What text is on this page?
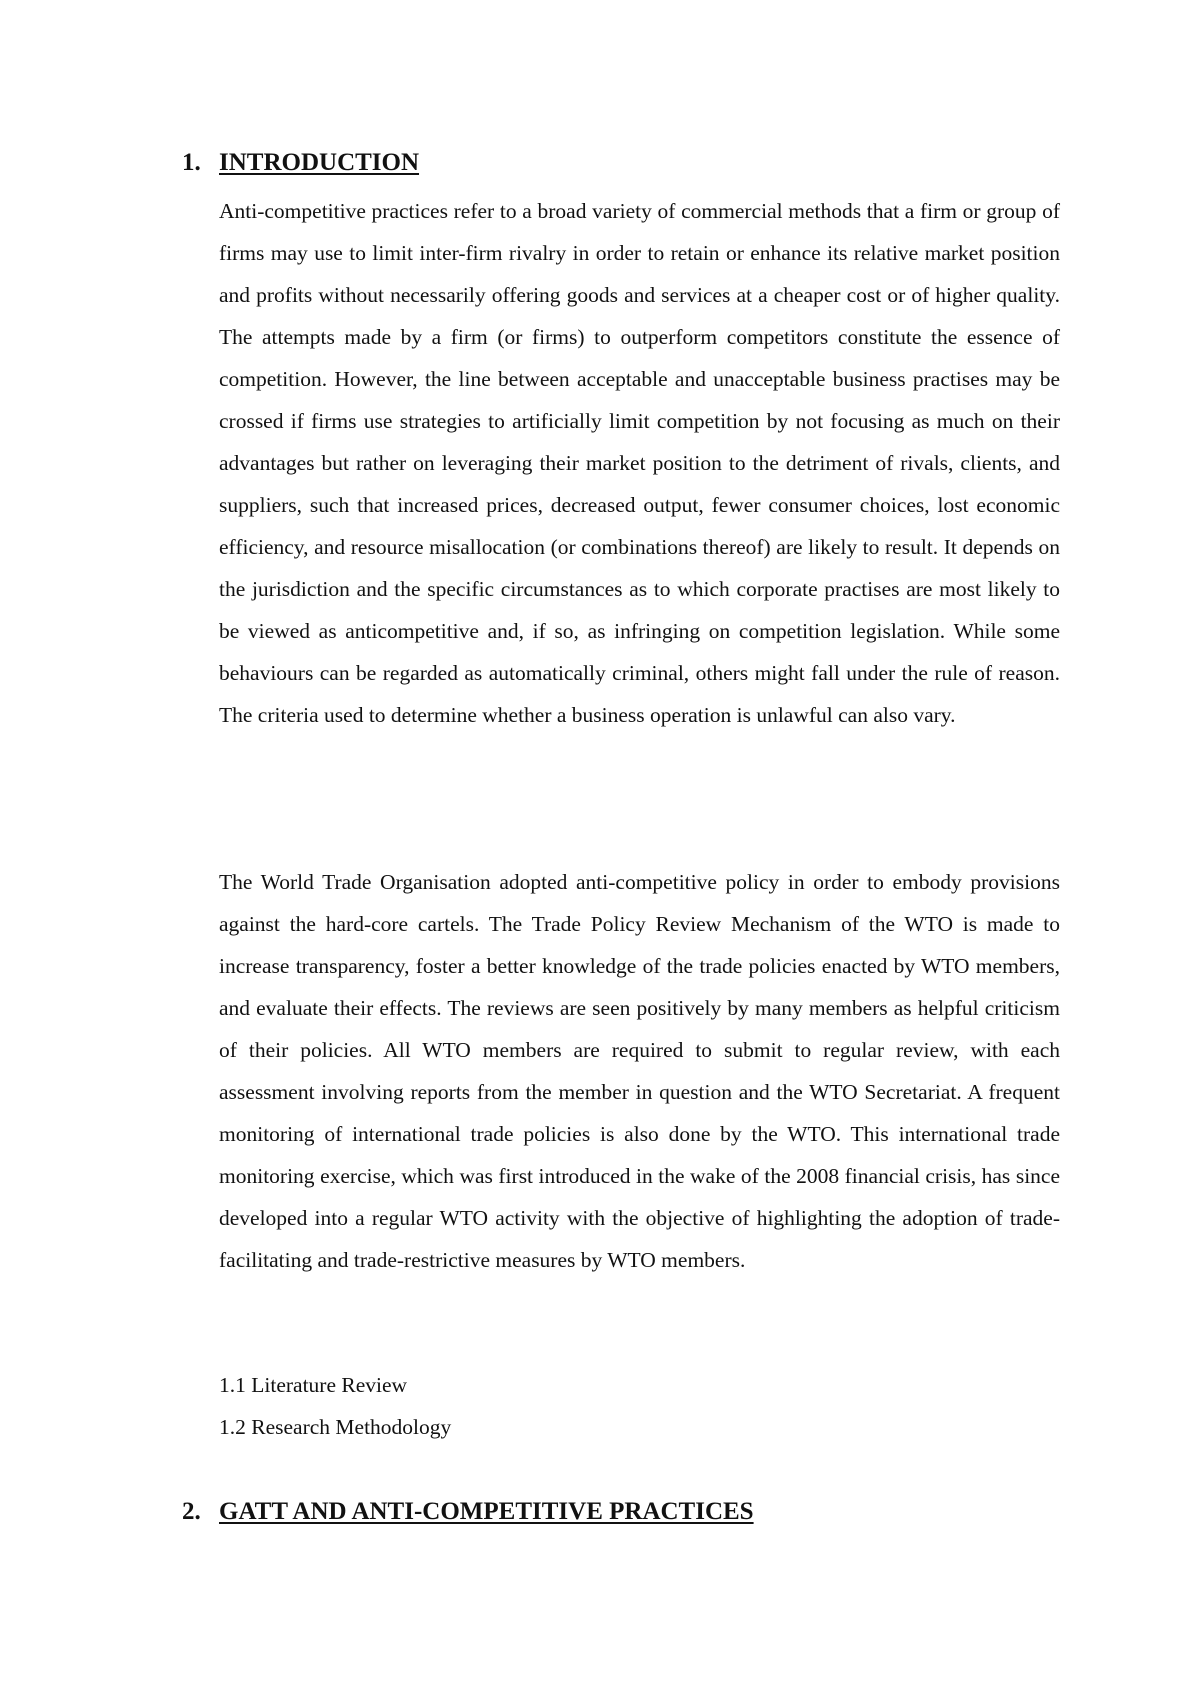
1. INTRODUCTION

Anti-competitive practices refer to a broad variety of commercial methods that a firm or group of firms may use to limit inter-firm rivalry in order to retain or enhance its relative market position and profits without necessarily offering goods and services at a cheaper cost or of higher quality. The attempts made by a firm (or firms) to outperform competitors constitute the essence of competition. However, the line between acceptable and unacceptable business practises may be crossed if firms use strategies to artificially limit competition by not focusing as much on their advantages but rather on leveraging their market position to the detriment of rivals, clients, and suppliers, such that increased prices, decreased output, fewer consumer choices, lost economic efficiency, and resource misallocation (or combinations thereof) are likely to result. It depends on the jurisdiction and the specific circumstances as to which corporate practises are most likely to be viewed as anticompetitive and, if so, as infringing on competition legislation. While some behaviours can be regarded as automatically criminal, others might fall under the rule of reason. The criteria used to determine whether a business operation is unlawful can also vary.

The World Trade Organisation adopted anti-competitive policy in order to embody provisions against the hard-core cartels. The Trade Policy Review Mechanism of the WTO is made to increase transparency, foster a better knowledge of the trade policies enacted by WTO members, and evaluate their effects. The reviews are seen positively by many members as helpful criticism of their policies. All WTO members are required to submit to regular review, with each assessment involving reports from the member in question and the WTO Secretariat. A frequent monitoring of international trade policies is also done by the WTO. This international trade monitoring exercise, which was first introduced in the wake of the 2008 financial crisis, has since developed into a regular WTO activity with the objective of highlighting the adoption of trade-facilitating and trade-restrictive measures by WTO members.

1.1 Literature Review
1.2 Research Methodology
2. GATT AND ANTI-COMPETITIVE PRACTICES
